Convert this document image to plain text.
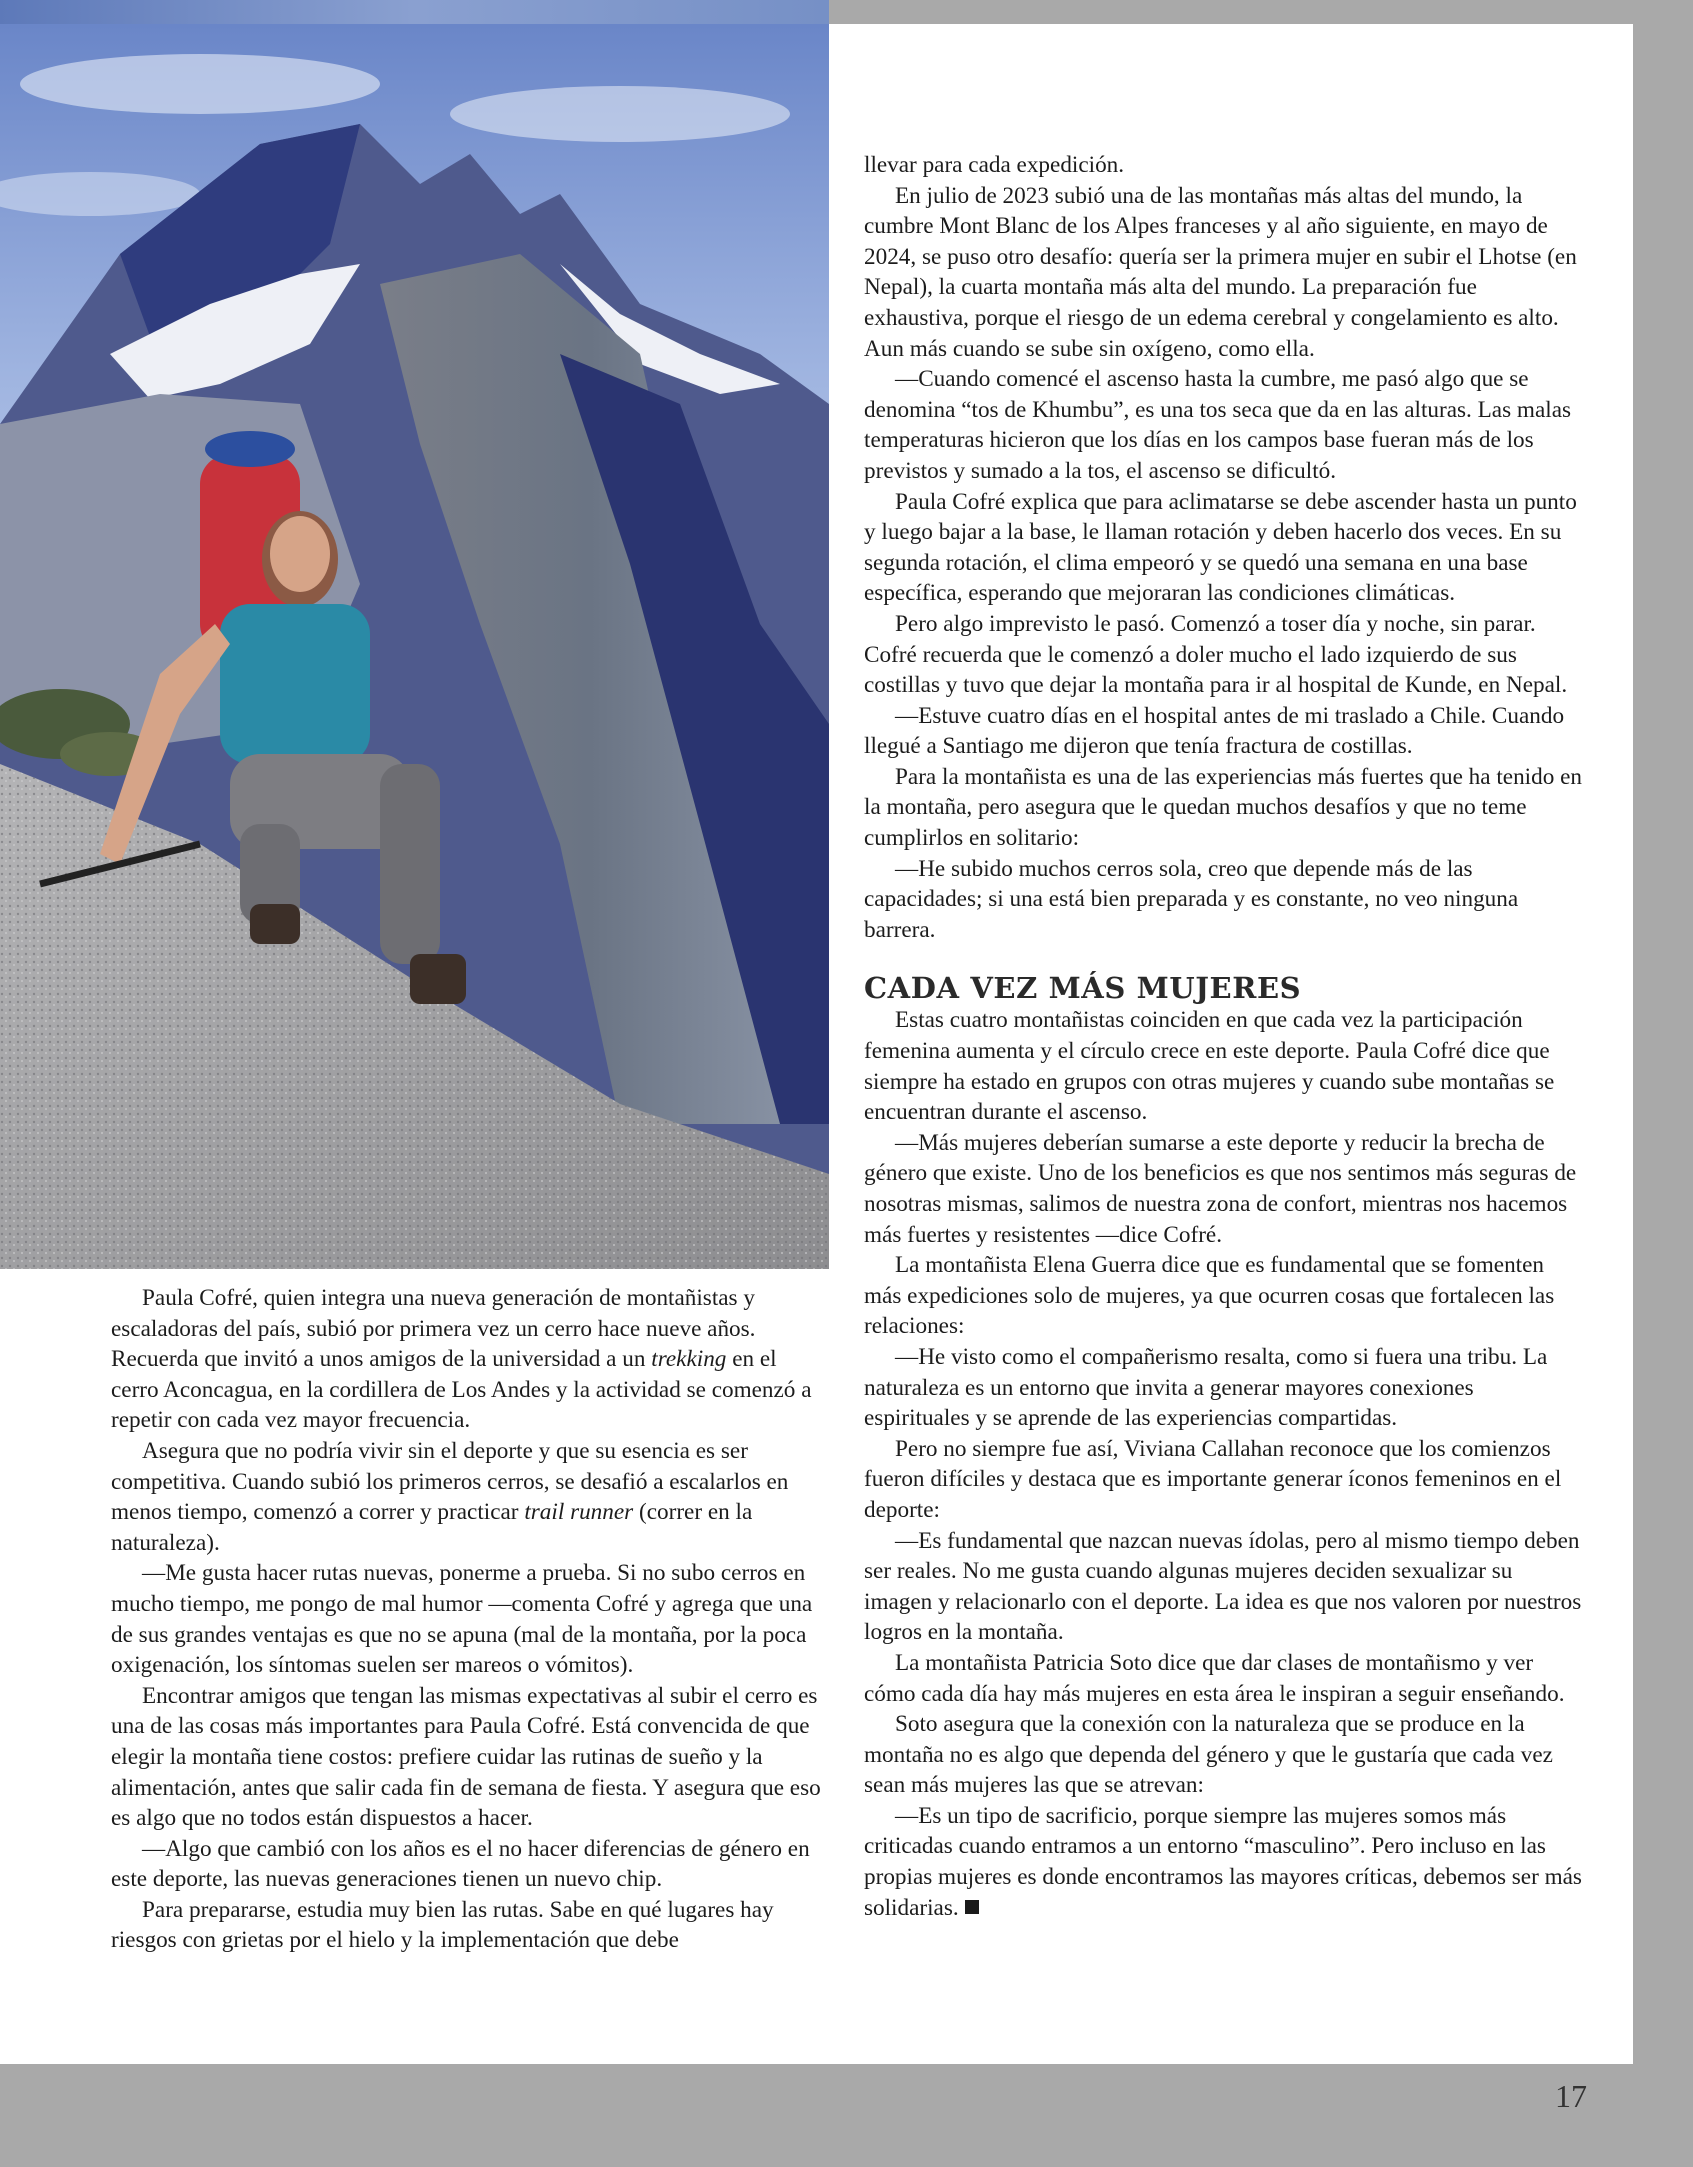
Paula Cofré, quien integra una nueva generación de montañistas y escaladoras del país, subió por primera vez un cerro hace nueve años. Recuerda que invitó a unos amigos de la universidad a un trekking en el cerro Aconcagua, en la cordillera de Los Andes y la actividad se comenzó a repetir con cada vez mayor frecuencia.

Asegura que no podría vivir sin el deporte y que su esencia es ser competitiva. Cuando subió los primeros cerros, se desafió a escalarlos en menos tiempo, comenzó a correr y practicar trail runner (correr en la naturaleza).

—Me gusta hacer rutas nuevas, ponerme a prueba. Si no subo cerros en mucho tiempo, me pongo de mal humor —comenta Cofré y agrega que una de sus grandes ventajas es que no se apuna (mal de la montaña, por la poca oxigenación, los síntomas suelen ser mareos o vómitos).

Encontrar amigos que tengan las mismas expectativas al subir el cerro es una de las cosas más importantes para Paula Cofré. Está convencida de que elegir la montaña tiene costos: prefiere cuidar las rutinas de sueño y la alimentación, antes que salir cada fin de semana de fiesta. Y asegura que eso es algo que no todos están dispuestos a hacer.

—Algo que cambió con los años es el no hacer diferencias de género en este deporte, las nuevas generaciones tienen un nuevo chip.

Para prepararse, estudia muy bien las rutas. Sabe en qué lugares hay riesgos con grietas por el hielo y la implementación que debe

llevar para cada expedición.

En julio de 2023 subió una de las montañas más altas del mundo, la cumbre Mont Blanc de los Alpes franceses y al año siguiente, en mayo de 2024, se puso otro desafío: quería ser la primera mujer en subir el Lhotse (en Nepal), la cuarta montaña más alta del mundo. La preparación fue exhaustiva, porque el riesgo de un edema cerebral y congelamiento es alto. Aun más cuando se sube sin oxígeno, como ella.

—Cuando comencé el ascenso hasta la cumbre, me pasó algo que se denomina “tos de Khumbu”, es una tos seca que da en las alturas. Las malas temperaturas hicieron que los días en los campos base fueran más de los previstos y sumado a la tos, el ascenso se dificultó.

Paula Cofré explica que para aclimatarse se debe ascender hasta un punto y luego bajar a la base, le llaman rotación y deben hacerlo dos veces. En su segunda rotación, el clima empeoró y se quedó una semana en una base específica, esperando que mejoraran las condiciones climáticas.

Pero algo imprevisto le pasó. Comenzó a toser día y noche, sin parar. Cofré recuerda que le comenzó a doler mucho el lado izquierdo de sus costillas y tuvo que dejar la montaña para ir al hospital de Kunde, en Nepal.

—Estuve cuatro días en el hospital antes de mi traslado a Chile. Cuando llegué a Santiago me dijeron que tenía fractura de costillas.

Para la montañista es una de las experiencias más fuertes que ha tenido en la montaña, pero asegura que le quedan muchos desafíos y que no teme cumplirlos en solitario:

—He subido muchos cerros sola, creo que depende más de las capacidades; si una está bien preparada y es constante, no veo ninguna barrera.

CADA VEZ MÁS MUJERES

Estas cuatro montañistas coinciden en que cada vez la participación femenina aumenta y el círculo crece en este deporte. Paula Cofré dice que siempre ha estado en grupos con otras mujeres y cuando sube montañas se encuentran durante el ascenso.

—Más mujeres deberían sumarse a este deporte y reducir la brecha de género que existe. Uno de los beneficios es que nos sentimos más seguras de nosotras mismas, salimos de nuestra zona de confort, mientras nos hacemos más fuertes y resistentes —dice Cofré.

La montañista Elena Guerra dice que es fundamental que se fomenten más expediciones solo de mujeres, ya que ocurren cosas que fortalecen las relaciones:

—He visto como el compañerismo resalta, como si fuera una tribu. La naturaleza es un entorno que invita a generar mayores conexiones espirituales y se aprende de las experiencias compartidas.

Pero no siempre fue así, Viviana Callahan reconoce que los comienzos fueron difíciles y destaca que es importante generar íconos femeninos en el deporte:

—Es fundamental que nazcan nuevas ídolas, pero al mismo tiempo deben ser reales. No me gusta cuando algunas mujeres deciden sexualizar su imagen y relacionarlo con el deporte. La idea es que nos valoren por nuestros logros en la montaña.

La montañista Patricia Soto dice que dar clases de montañismo y ver cómo cada día hay más mujeres en esta área le inspiran a seguir enseñando.

Soto asegura que la conexión con la naturaleza que se produce en la montaña no es algo que dependa del género y que le gustaría que cada vez sean más mujeres las que se atrevan:

—Es un tipo de sacrificio, porque siempre las mujeres somos más criticadas cuando entramos a un entorno “masculino”. Pero incluso en las propias mujeres es donde encontramos las mayores críticas, debemos ser más solidarias.

17
